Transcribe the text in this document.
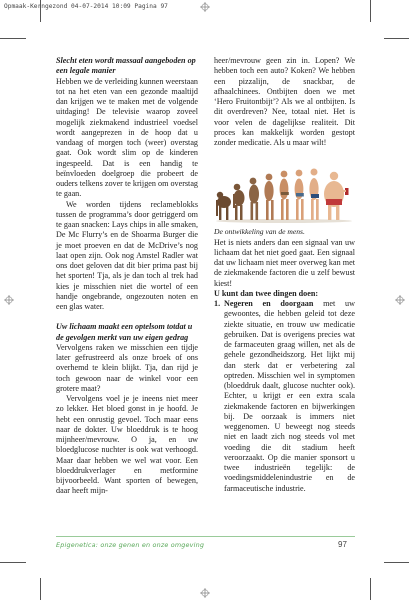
Opmaak-Kerngezond 04-07-2014 10:09 Pagina 97

Slecht eten wordt massaal aangeboden op een legale manier

Hebben we de verleiding kunnen weerstaan tot na het eten van een gezonde maaltijd dan krijgen we te maken met de volgende uitdaging! De televisie waarop zoveel mogelijk ziekmakend industrieel voedsel wordt aangeprezen in de hoop dat u vandaag of morgen toch (weer) overstag gaat. Ook wordt slim op de kinderen ingespeeld. Dat is een handig te beïnvloeden doelgroep die probeert de ouders telkens zover te krijgen om overstag te gaan.

We worden tijdens reclameblokks tussen de programma’s door getriggerd om te gaan snacken: Lays chips in alle smaken, De Mc Flurry’s en de Shoarma Burger die je moet proeven en dat de McDrive’s nog laat open zijn. Ook nog Amstel Radler wat ons doet geloven dat dit bier prima past bij het sporten! Tja, als je dan toch al trek had kies je misschien niet die wortel of een handje ongebrande, ongezouten noten en een glas water.

Uw lichaam maakt een optelsom totdat u de gevolgen merkt van uw eigen gedrag

Vervolgens raken we misschien een tijdje later gefrustreerd als onze broek of ons overhemd te klein blijkt. Tja, dan rijd je toch gewoon naar de winkel voor een grotere maat?

Vervolgens voel je je ineens niet meer zo lekker. Het bloed gonst in je hoofd. Je hebt een onrustig gevoel. Toch maar eens naar de dokter. Uw bloeddruk is te hoog mijnheer/mevrouw. O ja, en uw bloedglucose nuchter is ook wat verhoogd. Maar daar hebben we wel wat voor. Een bloeddrukverlager en metformine bijvoorbeeld. Want sporten of bewegen, daar heeft mijn-

heer/mevrouw geen zin in. Lopen? We hebben toch een auto? Koken? We hebben een pizzalijn, de snackbar, de afhaalchinees. Ontbijten doen we met ‘Hero Fruitontbijt’? Als we al ontbijten. Is dit overdreven? Nee, totaal niet. Het is voor velen de dagelijkse realiteit. Dit proces kan makkelijk worden gestopt zonder medicatie. Als u maar wilt!

De ontwikkeling van de mens.

Het is niets anders dan een signaal van uw lichaam dat het niet goed gaat. Een signaal dat uw lichaam niet meer overweg kan met de ziekmakende factoren die u zelf bewust kiest!

U kunt dan twee dingen doen:

1. Negeren en doorgaan met uw gewoontes, die hebben geleid tot deze ziekte situatie, en trouw uw medicatie gebruiken. Dat is overigens precies wat de farmaceuten graag willen, net als de gehele gezondheidszorg. Het lijkt mij dan sterk dat er verbetering zal optreden. Misschien wel in symptomen (bloeddruk daalt, glucose nuchter ook). Echter, u krijgt er een extra scala ziekmakende factoren en bijwerkingen bij. De oorzaak is immers niet weggenomen. U beweegt nog steeds niet en laadt zich nog steeds vol met voeding die dit stadium heeft veroorzaakt. Op die manier sponsort u twee industrieën tegelijk: de voedingsmiddelenindustrie en de farmaceutische industrie.
Epigenetica: onze genen en onze omgeving	97
